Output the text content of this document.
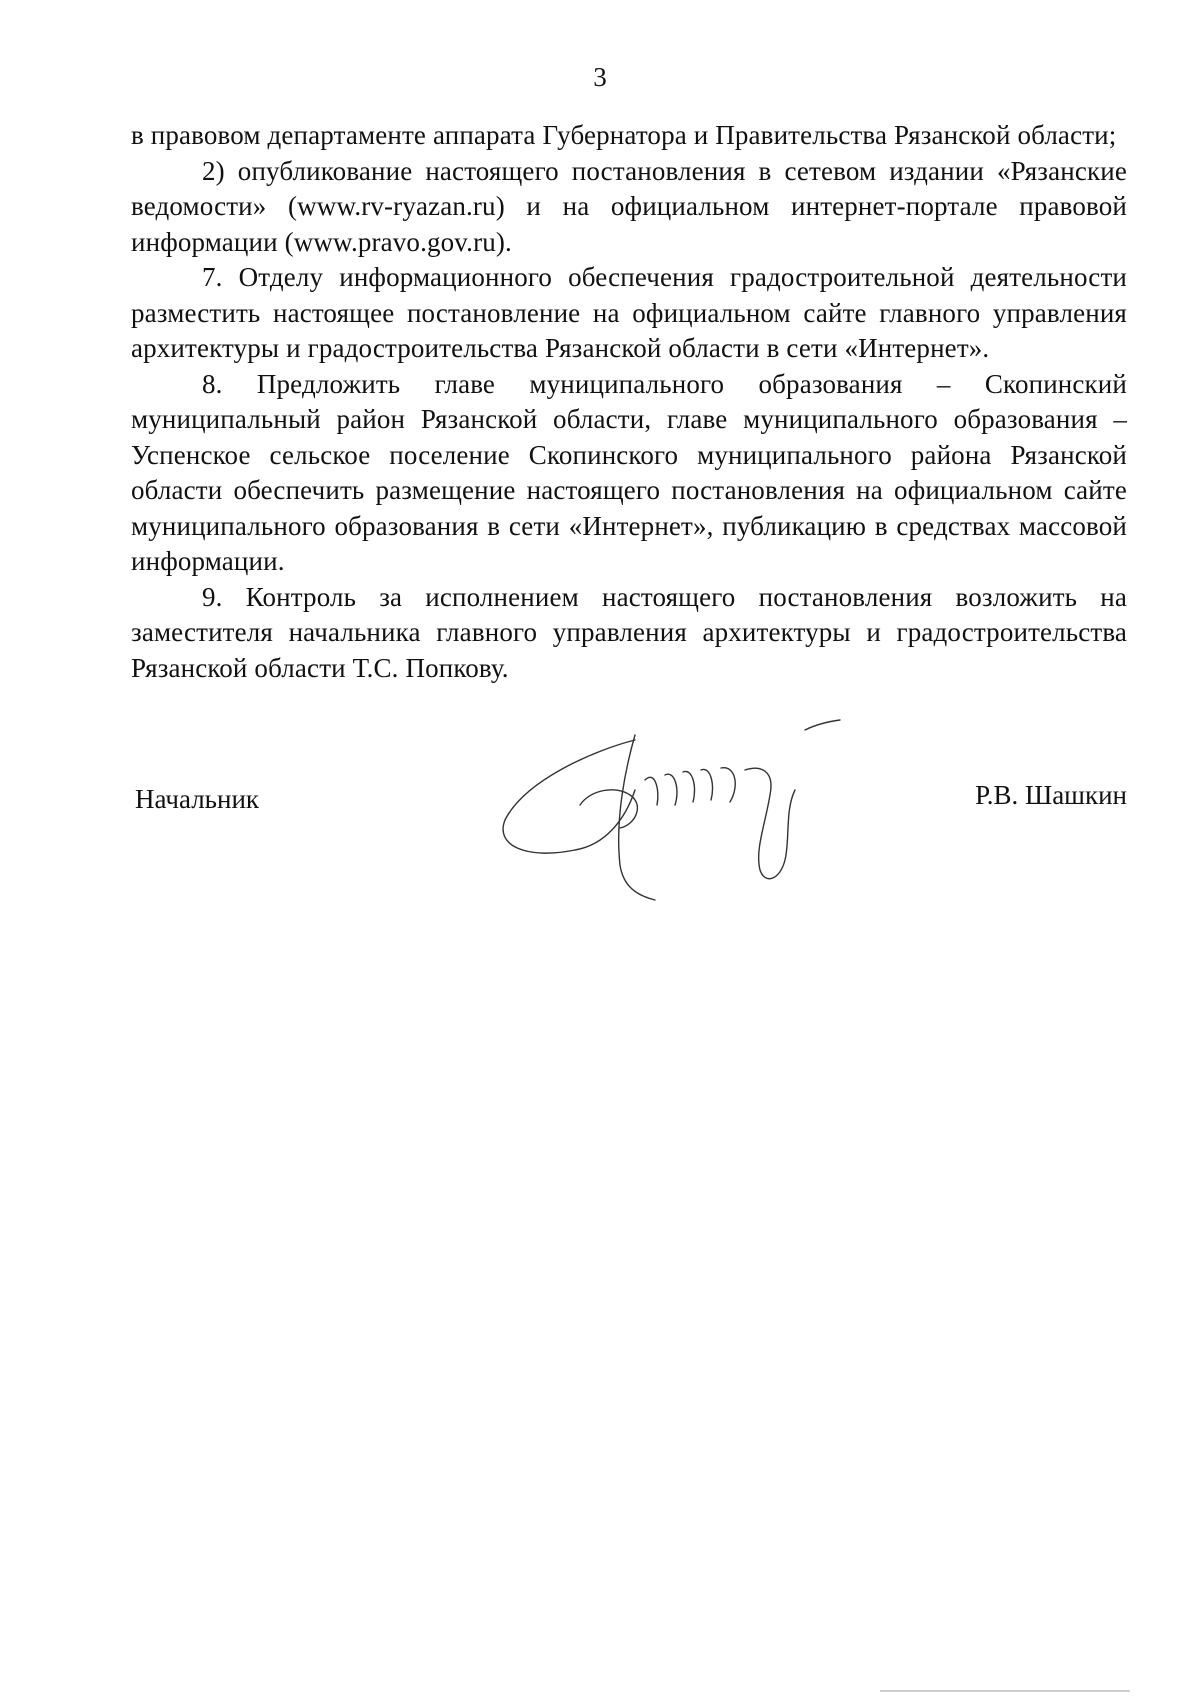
3

в правовом департаменте аппарата Губернатора и Правительства Рязанской области;

2) опубликование настоящего постановления в сетевом издании «Рязанские ведомости» (www.rv-ryazan.ru) и на официальном интернет-портале правовой информации (www.pravo.gov.ru).

7. Отделу информационного обеспечения градостроительной деятельности разместить настоящее постановление на официальном сайте главного управления архитектуры и градостроительства Рязанской области в сети «Интернет».

8. Предложить главе муниципального образования – Скопинский муниципальный район Рязанской области, главе муниципального образования – Успенское сельское поселение Скопинского муниципального района Рязанской области обеспечить размещение настоящего постановления на официальном сайте муниципального образования в сети «Интернет», публикацию в средствах массовой информации.

9. Контроль за исполнением настоящего постановления возложить на заместителя начальника главного управления архитектуры и градостроительства Рязанской области Т.С. Попкову.

Начальник	Р.В. Шашкин
